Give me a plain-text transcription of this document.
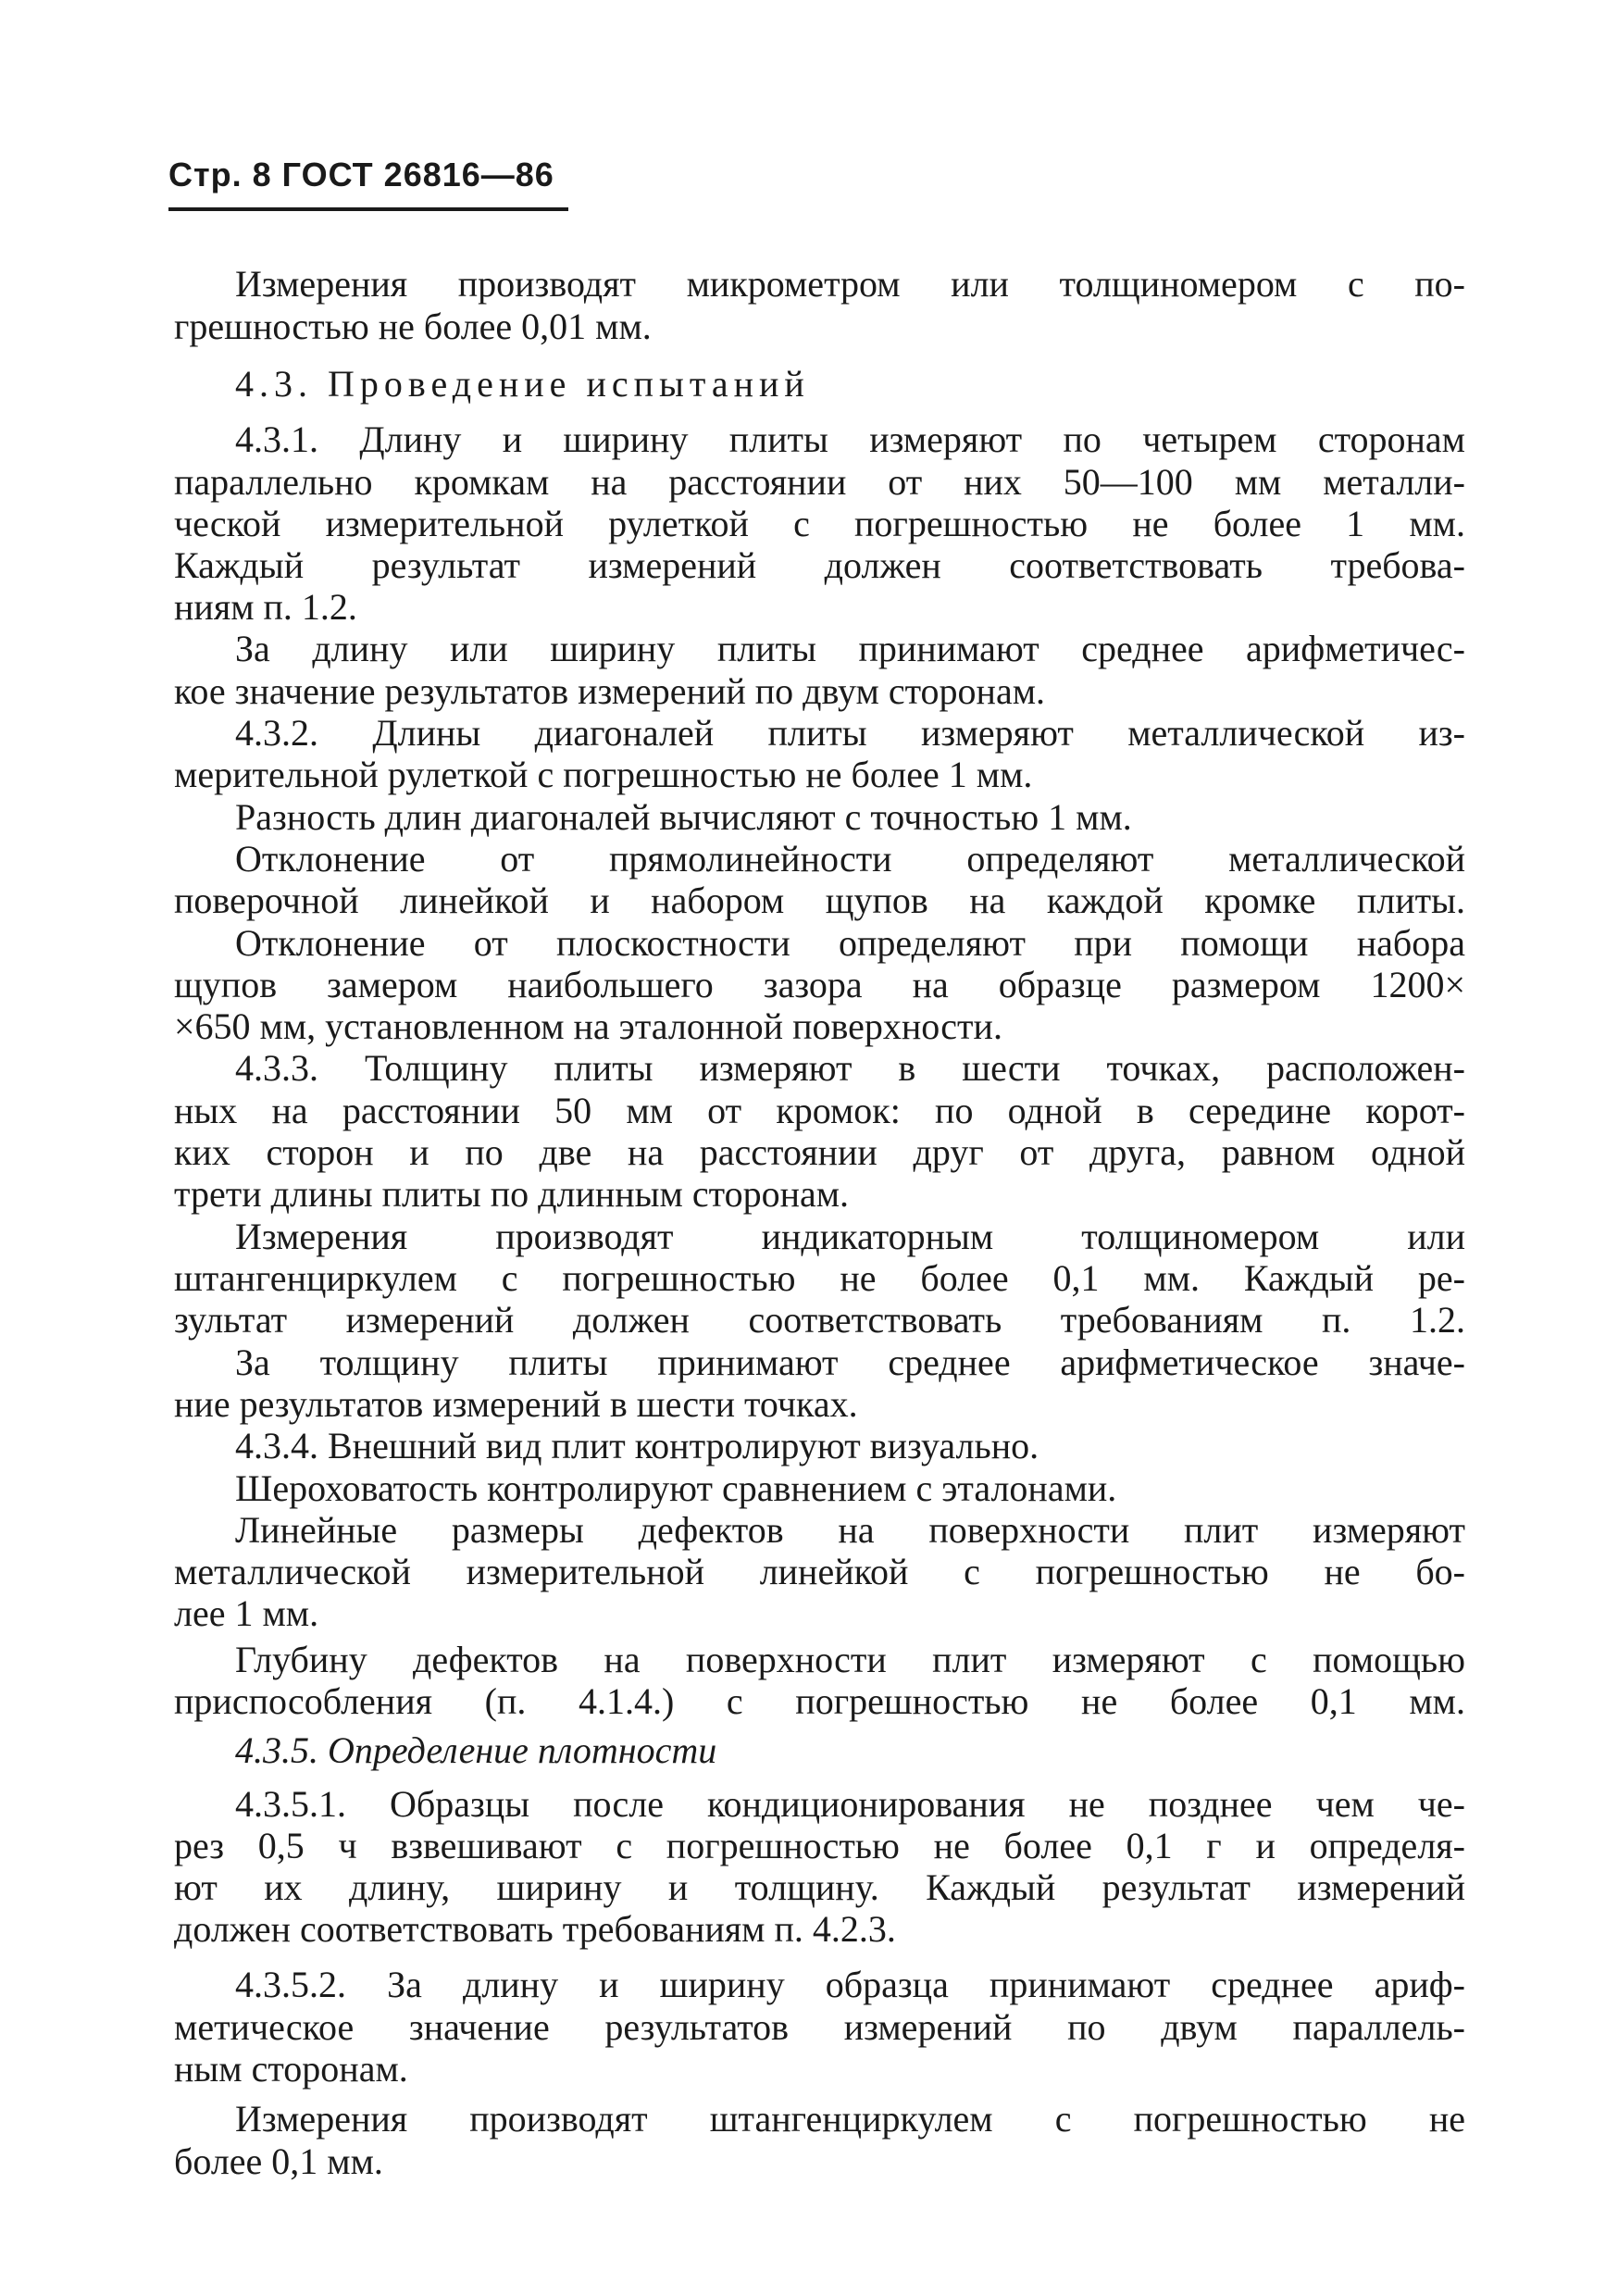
Стр. 8 ГОСТ 26816—86
Измерения производят микрометром или толщиномером с по-
грешностью не более 0,01 мм.
4.3. Проведение испытаний
4.3.1. Длину и ширину плиты измеряют по четырем сторонам
параллельно кромкам на расстоянии от них 50—100 мм металли-
ческой измерительной рулеткой с погрешностью не более 1 мм.
Каждый результат измерений должен соответствовать требова-
ниям п. 1.2.
За длину или ширину плиты принимают среднее арифметичес-
кое значение результатов измерений по двум сторонам.
4.3.2. Длины диагоналей плиты измеряют металлической из-
мерительной рулеткой с погрешностью не более 1 мм.
Разность длин диагоналей вычисляют с точностью 1 мм.
Отклонение от прямолинейности определяют металлической
поверочной линейкой и набором щупов на каждой кромке плиты.
Отклонение от плоскостности определяют при помощи набора
щупов замером наибольшего зазора на образце размером 1200×
×650 мм, установленном на эталонной поверхности.
4.3.3. Толщину плиты измеряют в шести точках, расположен-
ных на расстоянии 50 мм от кромок: по одной в середине корот-
ких сторон и по две на расстоянии друг от друга, равном одной
трети длины плиты по длинным сторонам.
Измерения производят индикаторным толщиномером или
штангенциркулем с погрешностью не более 0,1 мм. Каждый ре-
зультат измерений должен соответствовать требованиям п. 1.2.
За толщину плиты принимают среднее арифметическое значе-
ние результатов измерений в шести точках.
4.3.4. Внешний вид плит контролируют визуально.
Шероховатость контролируют сравнением с эталонами.
Линейные размеры дефектов на поверхности плит измеряют
металлической измерительной линейкой с погрешностью не бо-
лее 1 мм.
Глубину дефектов на поверхности плит измеряют с помощью
приспособления (п. 4.1.4.) с погрешностью не более 0,1 мм.
4.3.5. Определение плотности
4.3.5.1. Образцы после кондиционирования не позднее чем че-
рез 0,5 ч взвешивают с погрешностью не более 0,1 г и определя-
ют их длину, ширину и толщину. Каждый результат измерений
должен соответствовать требованиям п. 4.2.3.
4.3.5.2. За длину и ширину образца принимают среднее ариф-
метическое значение результатов измерений по двум параллель-
ным сторонам.
Измерения производят штангенциркулем с погрешностью не
более 0,1 мм.
